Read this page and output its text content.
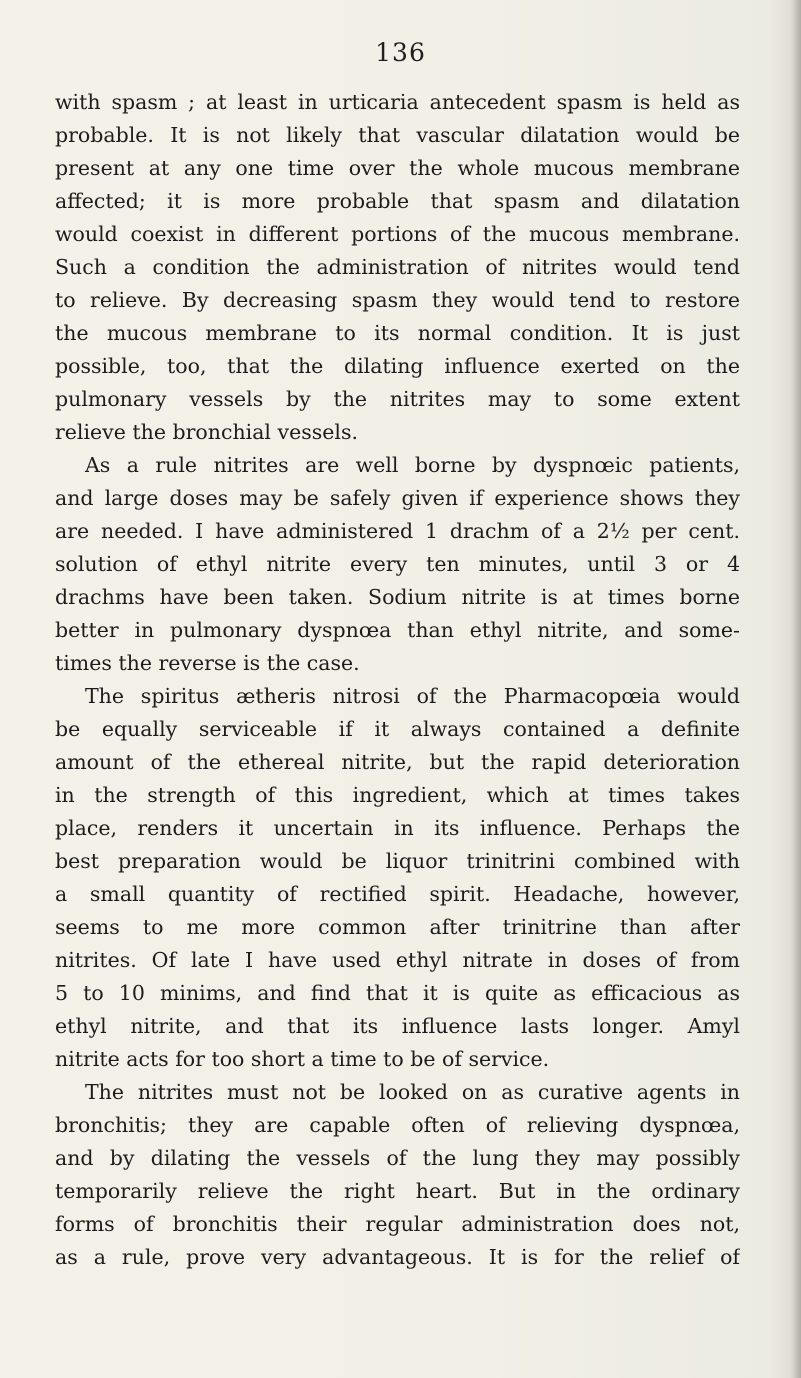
136
with spasm ; at least in urticaria antecedent spasm is held as
probable. It is not likely that vascular dilatation would be
present at any one time over the whole mucous membrane
affected; it is more probable that spasm and dilatation
would coexist in different portions of the mucous membrane.
Such a condition the administration of nitrites would tend
to relieve. By decreasing spasm they would tend to restore
the mucous membrane to its normal condition. It is just
possible, too, that the dilating influence exerted on the
pulmonary vessels by the nitrites may to some extent
relieve the bronchial vessels.
As a rule nitrites are well borne by dyspnœic patients,
and large doses may be safely given if experience shows they
are needed. I have administered 1 drachm of a 2½ per cent.
solution of ethyl nitrite every ten minutes, until 3 or 4
drachms have been taken. Sodium nitrite is at times borne
better in pulmonary dyspnœa than ethyl nitrite, and some-
times the reverse is the case.
The spiritus ætheris nitrosi of the Pharmacopœia would
be equally serviceable if it always contained a definite
amount of the ethereal nitrite, but the rapid deterioration
in the strength of this ingredient, which at times takes
place, renders it uncertain in its influence. Perhaps the
best preparation would be liquor trinitrini combined with
a small quantity of rectified spirit. Headache, however,
seems to me more common after trinitrine than after
nitrites. Of late I have used ethyl nitrate in doses of from
5 to 10 minims, and find that it is quite as efficacious as
ethyl nitrite, and that its influence lasts longer. Amyl
nitrite acts for too short a time to be of service.
The nitrites must not be looked on as curative agents in
bronchitis; they are capable often of relieving dyspnœa,
and by dilating the vessels of the lung they may possibly
temporarily relieve the right heart. But in the ordinary
forms of bronchitis their regular administration does not,
as a rule, prove very advantageous. It is for the relief of
